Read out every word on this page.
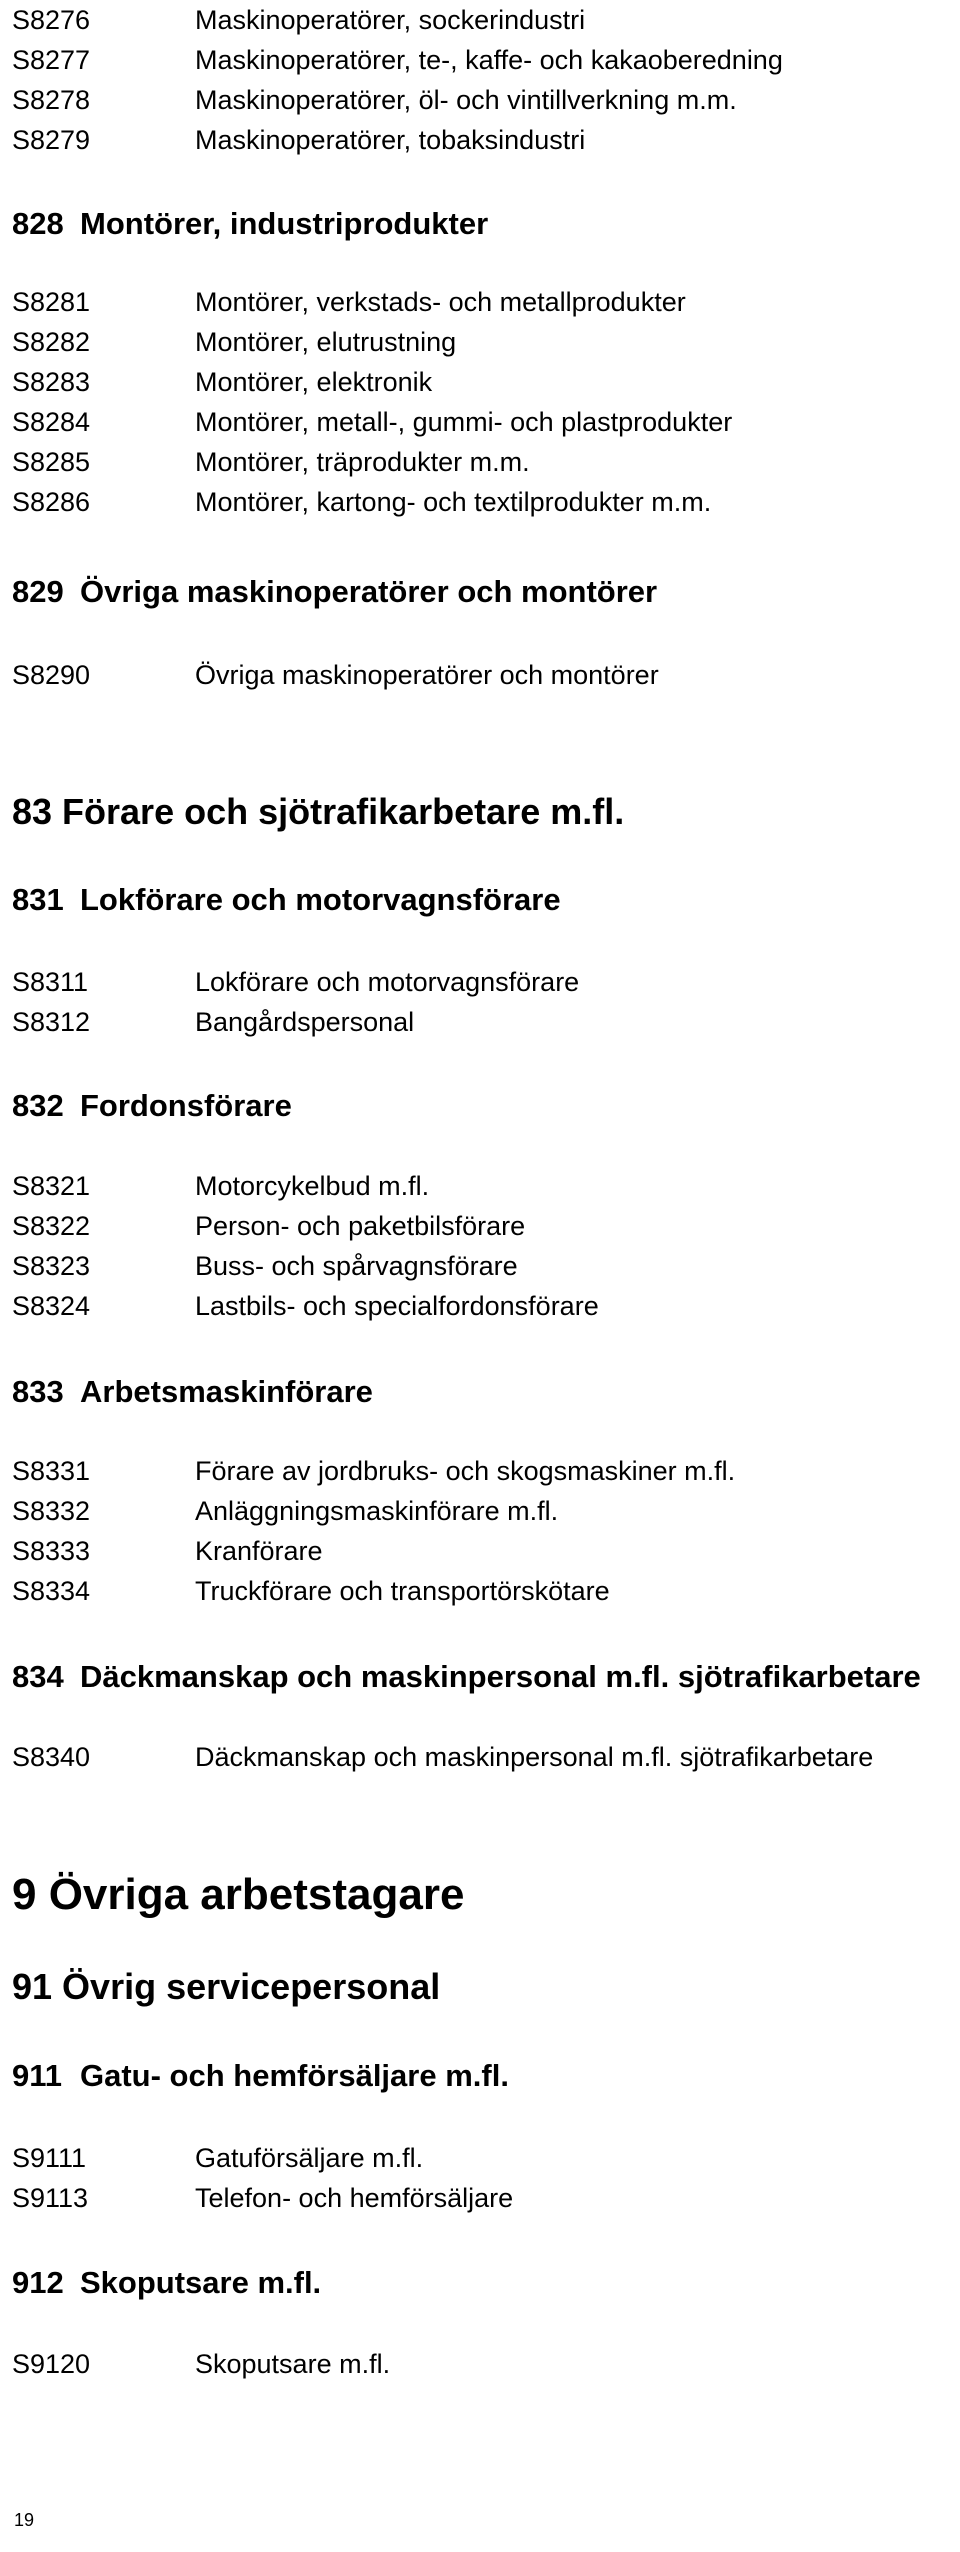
S8276	Maskinoperatörer, sockerindustri
S8277	Maskinoperatörer, te-, kaffe- och kakaoberedning
S8278	Maskinoperatörer, öl- och vintillverkning m.m.
S8279	Maskinoperatörer, tobaksindustri
828 Montörer, industriprodukter
S8281	Montörer, verkstads- och metallprodukter
S8282	Montörer, elutrustning
S8283	Montörer, elektronik
S8284	Montörer, metall-, gummi- och plastprodukter
S8285	Montörer, träprodukter m.m.
S8286	Montörer, kartong- och textilprodukter m.m.
829 Övriga maskinoperatörer och montörer
S8290	Övriga maskinoperatörer och montörer
83 Förare och sjötrafikarbetare m.fl.
831 Lokförare och motorvagnsförare
S8311	Lokförare och motorvagnsförare
S8312	Bangårdspersonal
832 Fordonsförare
S8321	Motorcykelbud m.fl.
S8322	Person- och paketbilsförare
S8323	Buss- och spårvagnsförare
S8324	Lastbils- och specialfordonsförare
833 Arbetsmaskinförare
S8331	Förare av jordbruks- och skogsmaskiner m.fl.
S8332	Anläggningsmaskinförare m.fl.
S8333	Kranförare
S8334	Truckförare och transportörskötare
834 Däckmanskap och maskinpersonal m.fl. sjötrafikarbetare
S8340	Däckmanskap och maskinpersonal m.fl. sjötrafikarbetare
9 Övriga arbetstagare
91 Övrig servicepersonal
911 Gatu- och hemförsäljare m.fl.
S9111	Gatuförsäljare m.fl.
S9113	Telefon- och hemförsäljare
912 Skoputsare m.fl.
S9120	Skoputsare m.fl.
19
